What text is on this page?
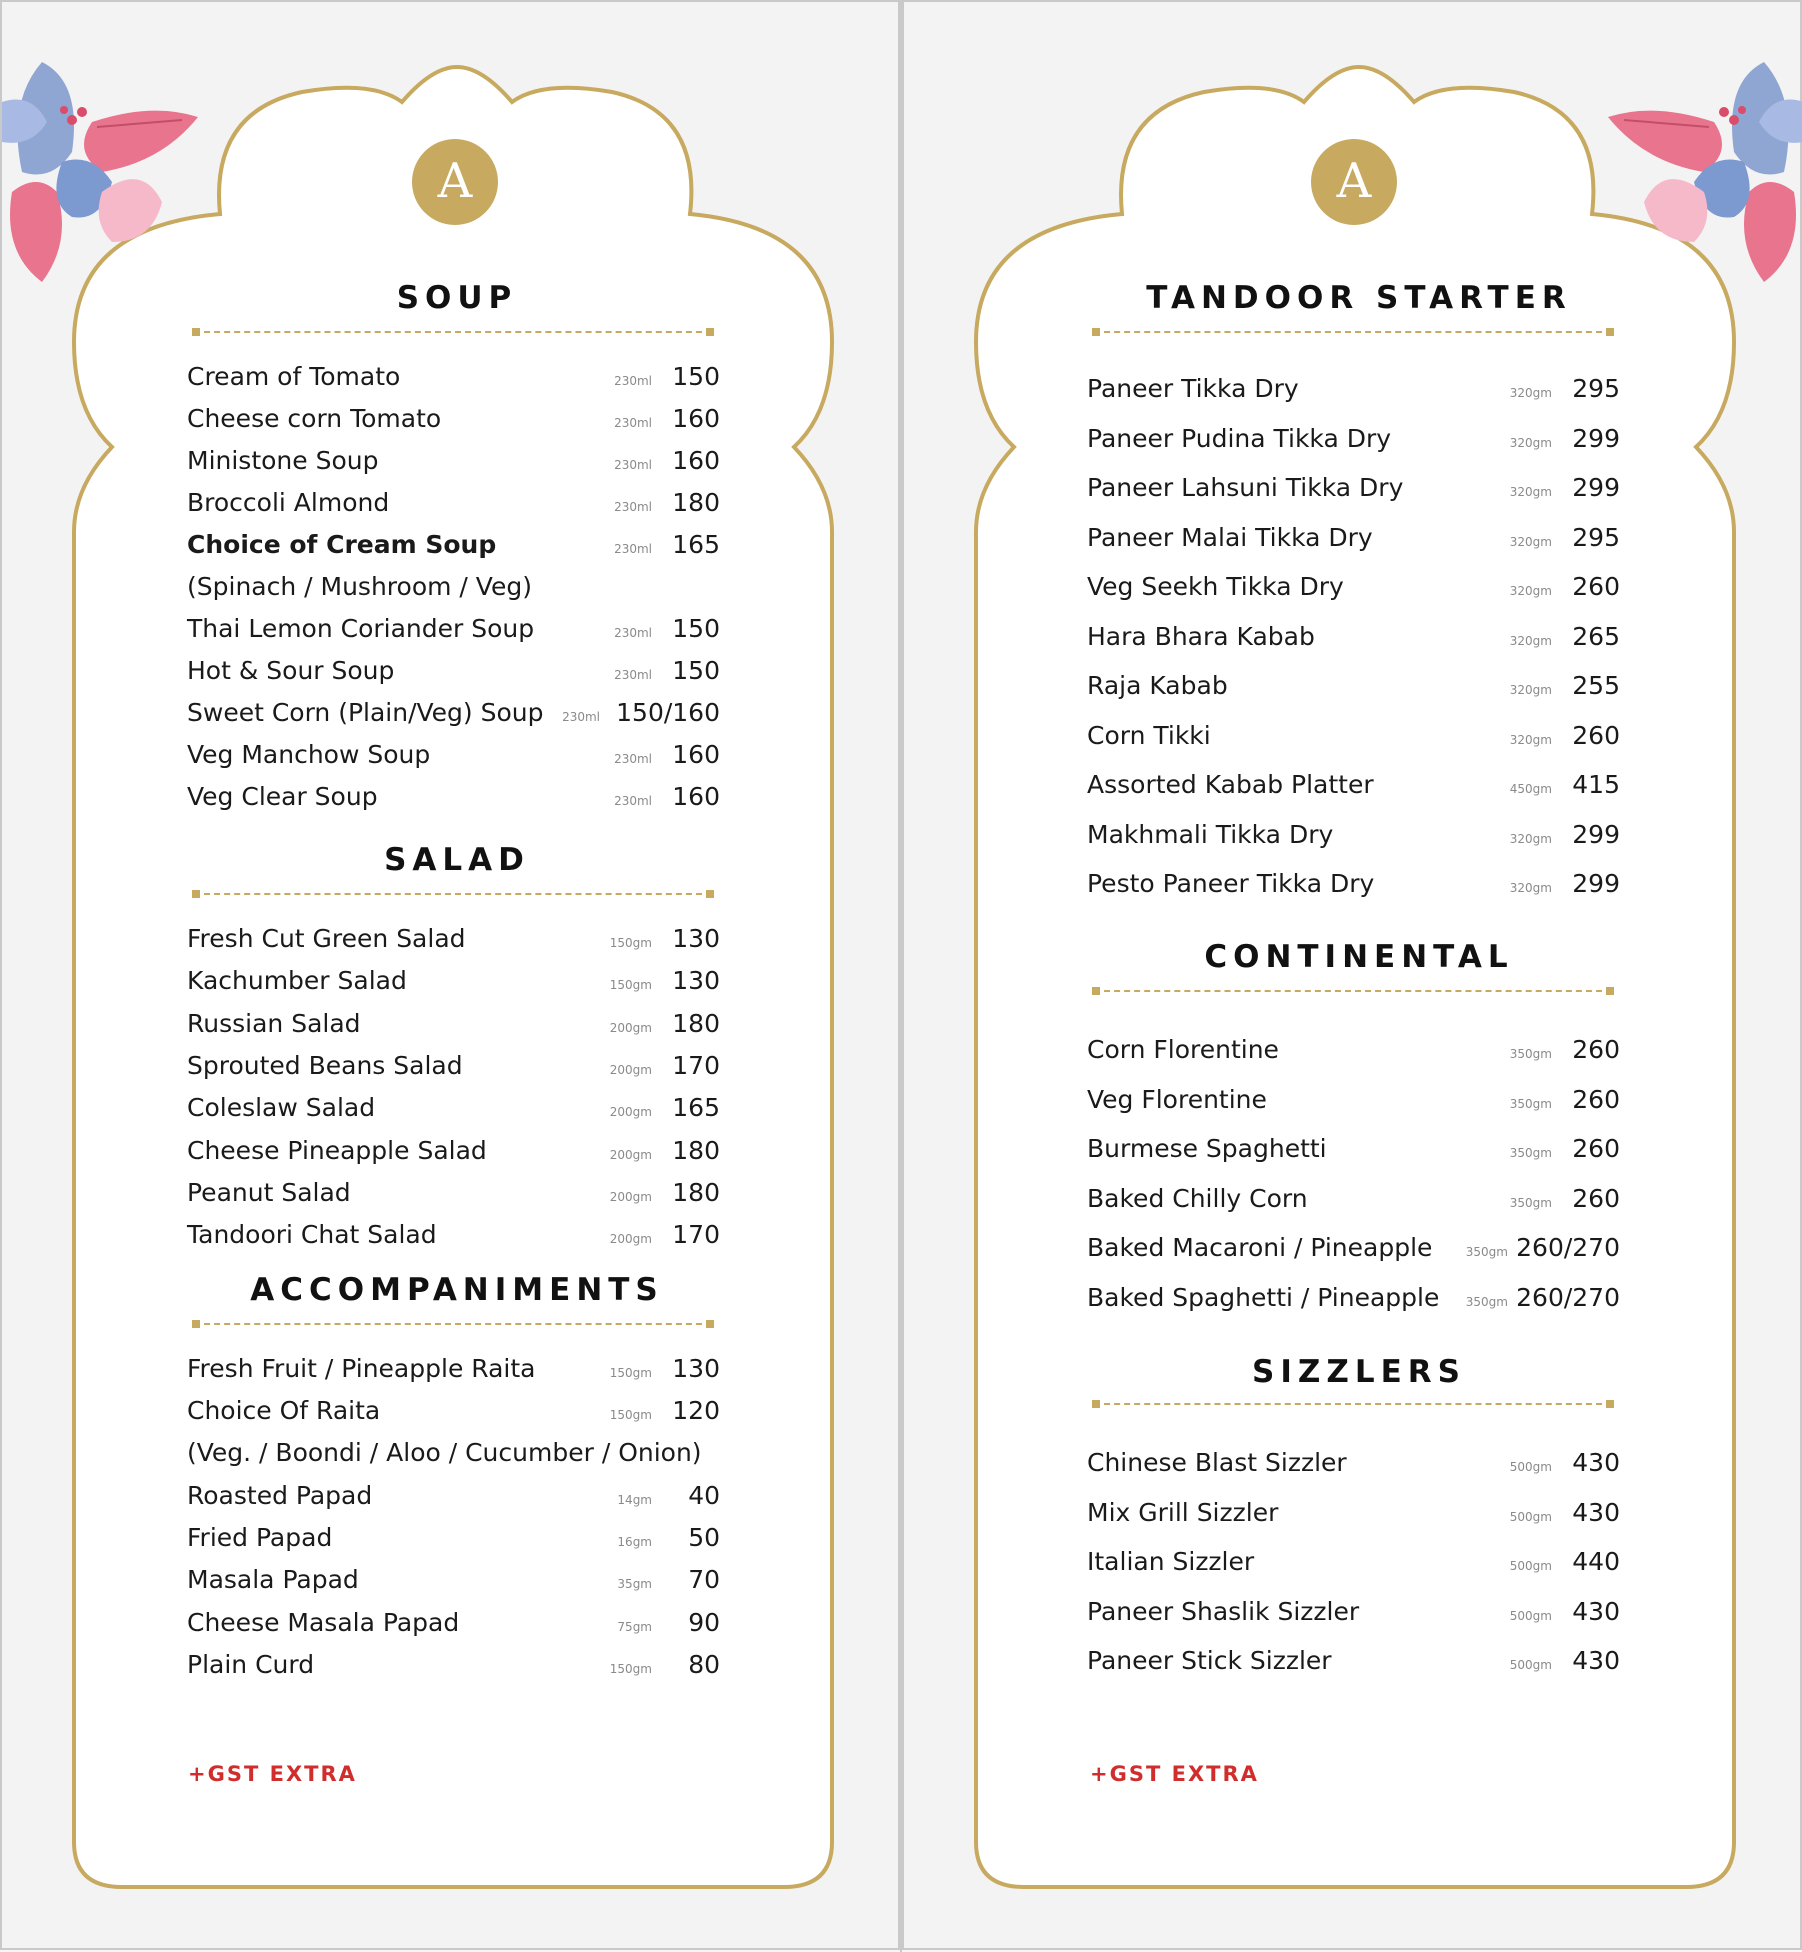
A
SOUP
Cream of Tomato	230ml 150
Cheese corn Tomato	230ml 160
Ministone Soup	230ml 160
Broccoli Almond	230ml 180
Choice of Cream Soup	230ml 165
Thai Lemon Coriander Soup	230ml 150
Hot & Sour Soup	230ml 150
Sweet Corn (Plain/Veg) Soup 230ml 150/160
Veg Manchow Soup	230ml 160
Veg Clear Soup	230ml 160
(Spinach / Mushroom / Veg)
SALAD
Fresh Cut Green Salad	150gm 130
Kachumber Salad	150gm 130
Russian Salad	200gm 180
Sprouted Beans Salad	200gm 170
Coleslaw Salad	200gm 165
Cheese Pineapple Salad	200gm 180
Peanut Salad	200gm 180
Tandoori Chat Salad	200gm 170
ACCOMPANIMENTS
Fresh Fruit / Pineapple Raita	150gm 130
Choice Of Raita	150gm 120
Roasted Papad	14gm 40
Fried Papad	16gm 50
Masala Papad	35gm 70
Cheese Masala Papad	75gm 90
Plain Curd	150gm 80
(Veg. / Boondi / Aloo / Cucumber / Onion)
+GST EXTRA
A
TANDOOR STARTER
Paneer Tikka Dry	320gm 295
Paneer Pudina Tikka Dry	320gm 299
Paneer Lahsuni Tikka Dry	320gm 299
Paneer Malai Tikka Dry	320gm 295
Veg Seekh Tikka Dry	320gm 260
Hara Bhara Kabab	320gm 265
Raja Kabab	320gm 255
Corn Tikki	320gm 260
Assorted Kabab Platter	450gm 415
Makhmali Tikka Dry	320gm 299
Pesto Paneer Tikka Dry	320gm 299
CONTINENTAL
Corn Florentine	350gm 260
Veg Florentine	350gm 260
Burmese Spaghetti	350gm 260
Baked Chilly Corn	350gm 260
Baked Macaroni / Pineapple	350gm 260/270
Baked Spaghetti / Pineapple 350gm 260/270
SIZZLERS
Chinese Blast Sizzler	500gm 430
Mix Grill Sizzler	500gm 430
Italian Sizzler	500gm 440
Paneer Shaslik Sizzler	500gm 430
Paneer Stick Sizzler	500gm 430
+GST EXTRA
